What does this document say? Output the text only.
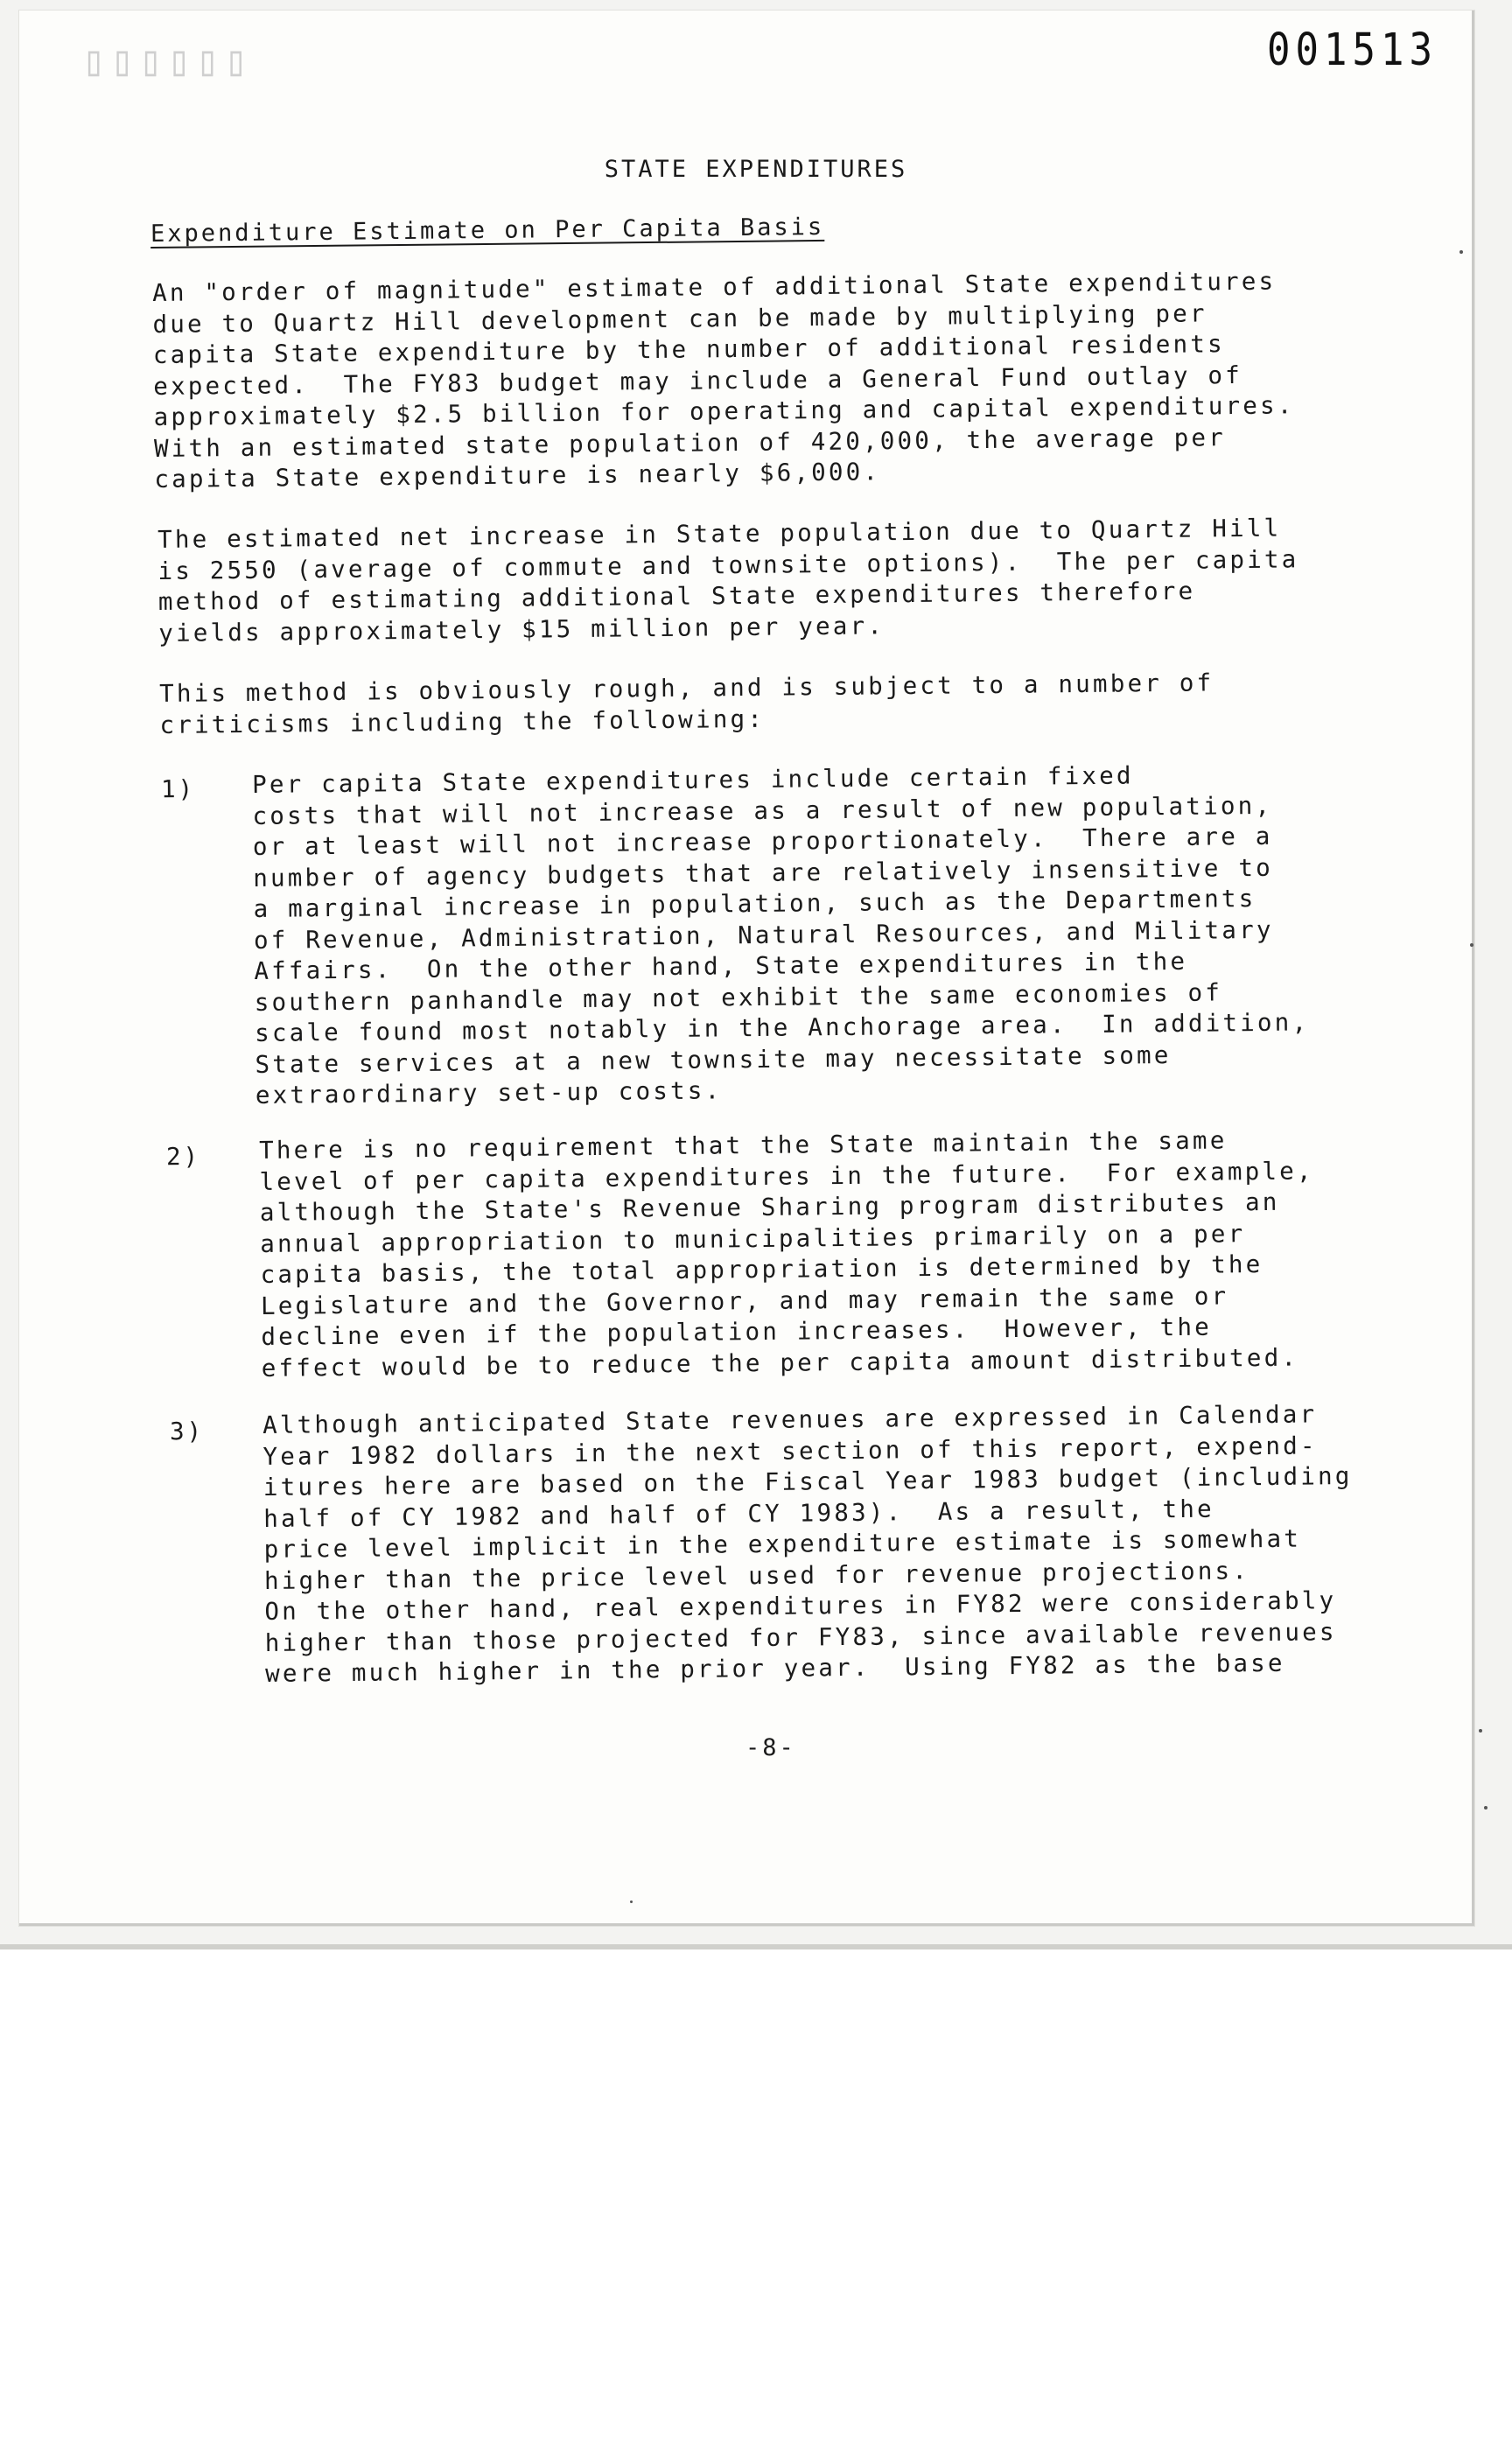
▯▯▯▯▯▯	001513
STATE EXPENDITURES
Expenditure Estimate on Per Capita Basis
An "order of magnitude" estimate of additional State expenditures
due to Quartz Hill development can be made by multiplying per
capita State expenditure by the number of additional residents
expected.  The FY83 budget may include a General Fund outlay of
approximately $2.5 billion for operating and capital expenditures.
With an estimated state population of 420,000, the average per
capita State expenditure is nearly $6,000.
The estimated net increase in State population due to Quartz Hill
is 2550 (average of commute and townsite options).  The per capita
method of estimating additional State expenditures therefore
yields approximately $15 million per year.
This method is obviously rough, and is subject to a number of
criticisms including the following:
1) Per capita State expenditures include certain fixed
costs that will not increase as a result of new population,
or at least will not increase proportionately.  There are a
number of agency budgets that are relatively insensitive to
a marginal increase in population, such as the Departments
of Revenue, Administration, Natural Resources, and Military
Affairs.  On the other hand, State expenditures in the
southern panhandle may not exhibit the same economies of
scale found most notably in the Anchorage area.  In addition,
State services at a new townsite may necessitate some
extraordinary set-up costs.
2) There is no requirement that the State maintain the same
level of per capita expenditures in the future.  For example,
although the State's Revenue Sharing program distributes an
annual appropriation to municipalities primarily on a per
capita basis, the total appropriation is determined by the
Legislature and the Governor, and may remain the same or
decline even if the population increases.  However, the
effect would be to reduce the per capita amount distributed.
3) Although anticipated State revenues are expressed in Calendar
Year 1982 dollars in the next section of this report, expend-
itures here are based on the Fiscal Year 1983 budget (including
half of CY 1982 and half of CY 1983).  As a result, the
price level implicit in the expenditure estimate is somewhat
higher than the price level used for revenue projections.
On the other hand, real expenditures in FY82 were considerably
higher than those projected for FY83, since available revenues
were much higher in the prior year.  Using FY82 as the base
-8-
